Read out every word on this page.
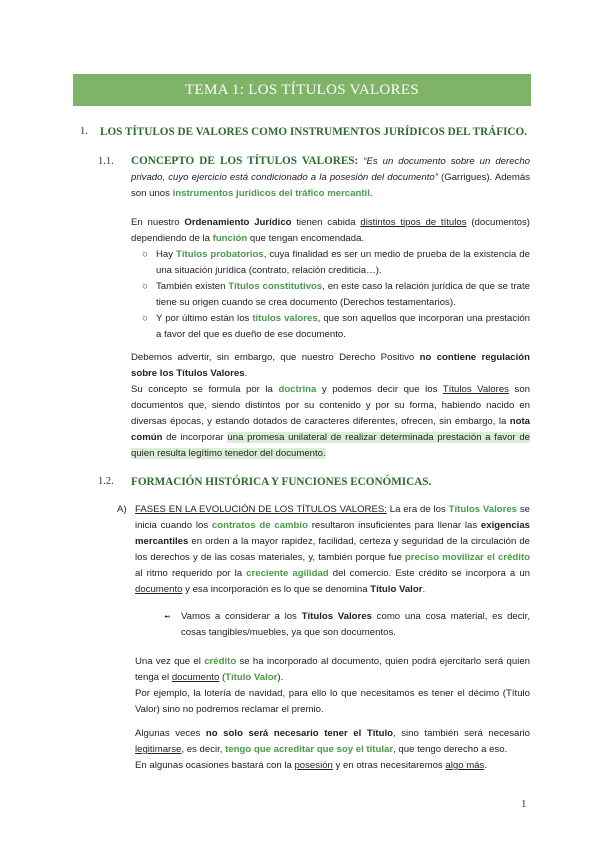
TEMA 1: LOS TÍTULOS VALORES
1. LOS TÍTULOS DE VALORES COMO INSTRUMENTOS JURÍDICOS DEL TRÁFICO.
1.1. CONCEPTO DE LOS TÍTULOS VALORES: “Es un documento sobre un derecho privado, cuyo ejercicio está condicionado a la posesión del documento” (Garrigues). Además son unos instrumentos jurídicos del tráfico mercantil.

En nuestro Ordenamiento Jurídico tienen cabida distintos tipos de títulos (documentos) dependiendo de la función que tengan encomendada.

○ Hay Títulos probatorios, cuya finalidad es ser un medio de prueba de la existencia de una situación jurídica (contrato, relación crediticia…).
○ También existen Títulos constitutivos, en este caso la relación jurídica de que se trate tiene su origen cuando se crea documento (Derechos testamentarios).
○ Y por último están los títulos valores, que son aquellos que incorporan una prestación a favor del que es dueño de ese documento.

Debemos advertir, sin embargo, que nuestro Derecho Positivo no contiene regulación sobre los Títulos Valores.

Su concepto se formula por la doctrina y podemos decir que los Títulos Valores son documentos que, siendo distintos por su contenido y por su forma, habiendo nacido en diversas épocas, y estando dotados de caracteres diferentes, ofrecen, sin embargo, la nota común de incorporar una promesa unilateral de realizar determinada prestación a favor de quien resulta legítimo tenedor del documento.

1.2. FORMACIÓN HISTÓRICA Y FUNCIONES ECONÓMICAS.
A) FASES EN LA EVOLUCIÓN DE LOS TÍTULOS VALORES: La era de los Títulos Valores se inicia cuando los contratos de cambio resultaron insuficientes para llenar las exigencias mercantiles en orden a la mayor rapidez, facilidad, certeza y seguridad de la circulación de los derechos y de las cosas materiales, y, también porque fue preciso movilizar el crédito al ritmo requerido por la creciente agilidad del comercio. Este crédito se incorpora a un documento y esa incorporación es lo que se denomina Título Valor.

➻ Vamos a considerar a los Títulos Valores como una cosa material, es decir, cosas tangibles/muebles, ya que son documentos.

Una vez que el crédito se ha incorporado al documento, quien podrá ejercitarlo será quien tenga el documento (Título Valor).

Por ejemplo, la lotería de navidad, para ello lo que necesitamos es tener el décimo (Título Valor) sino no podremos reclamar el premio.

Algunas veces no solo será necesario tener el Título, sino también será necesario legitimarse, es decir, tengo que acreditar que soy el titular, que tengo derecho a eso.

En algunas ocasiones bastará con la posesión y en otras necesitaremos algo más.

1
